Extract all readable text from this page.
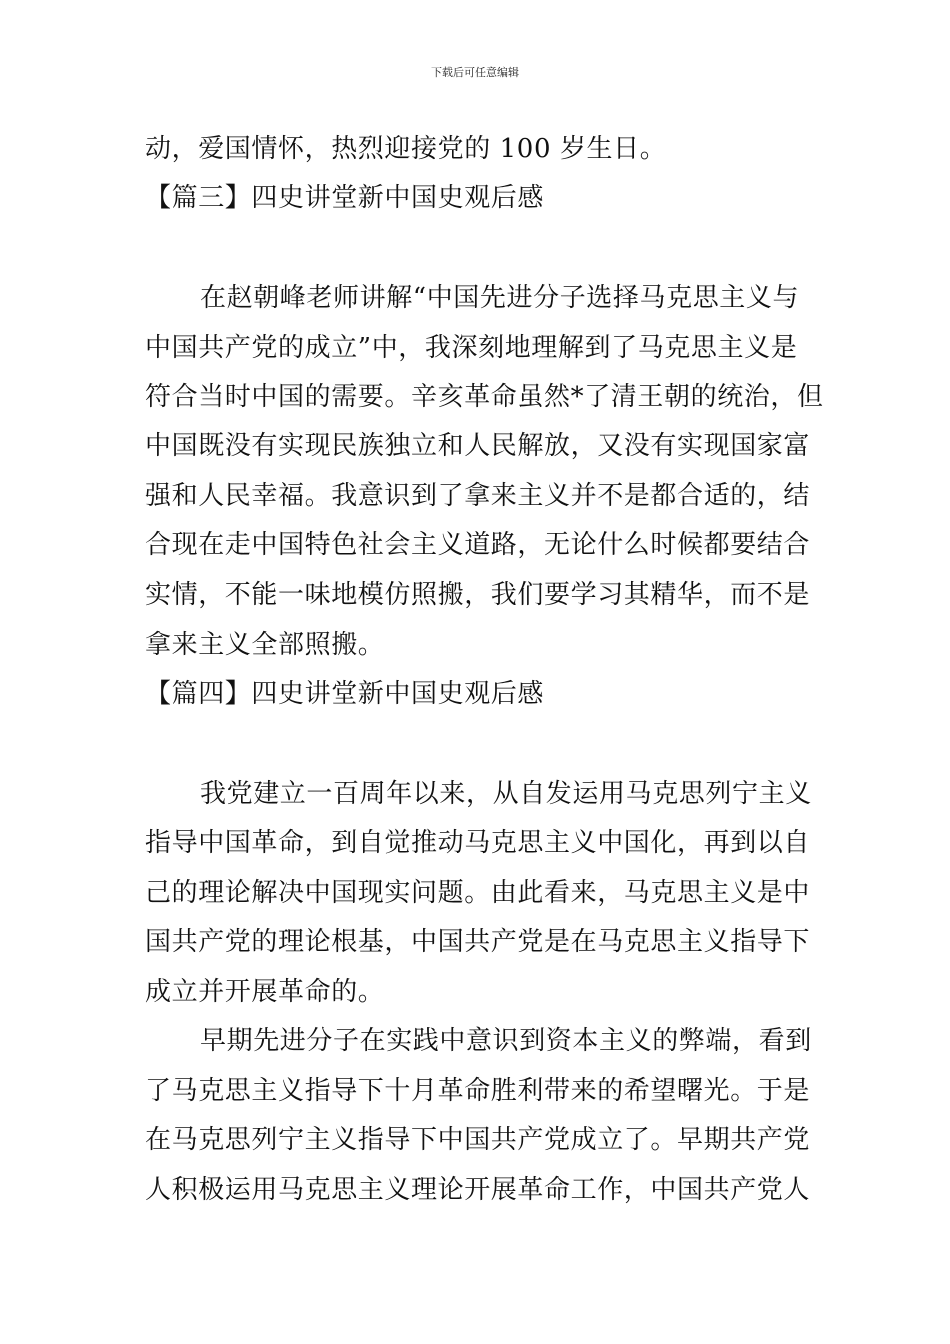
下载后可任意编辑
动，爱国情怀，热烈迎接党的 100 岁生日。
【篇三】四史讲堂新中国史观后感
在赵朝峰老师讲解“中国先进分子选择马克思主义与
中国共产党的成立”中，我深刻地理解到了马克思主义是
符合当时中国的需要。辛亥革命虽然*了清王朝的统治，但
中国既没有实现民族独立和人民解放，又没有实现国家富
强和人民幸福。我意识到了拿来主义并不是都合适的，结
合现在走中国特色社会主义道路，无论什么时候都要结合
实情，不能一味地模仿照搬，我们要学习其精华，而不是
拿来主义全部照搬。
【篇四】四史讲堂新中国史观后感
我党建立一百周年以来，从自发运用马克思列宁主义
指导中国革命，到自觉推动马克思主义中国化，再到以自
己的理论解决中国现实问题。由此看来，马克思主义是中
国共产党的理论根基，中国共产党是在马克思主义指导下
成立并开展革命的。
早期先进分子在实践中意识到资本主义的弊端，看到
了马克思主义指导下十月革命胜利带来的希望曙光。于是
在马克思列宁主义指导下中国共产党成立了。早期共产党
人积极运用马克思主义理论开展革命工作，中国共产党人
